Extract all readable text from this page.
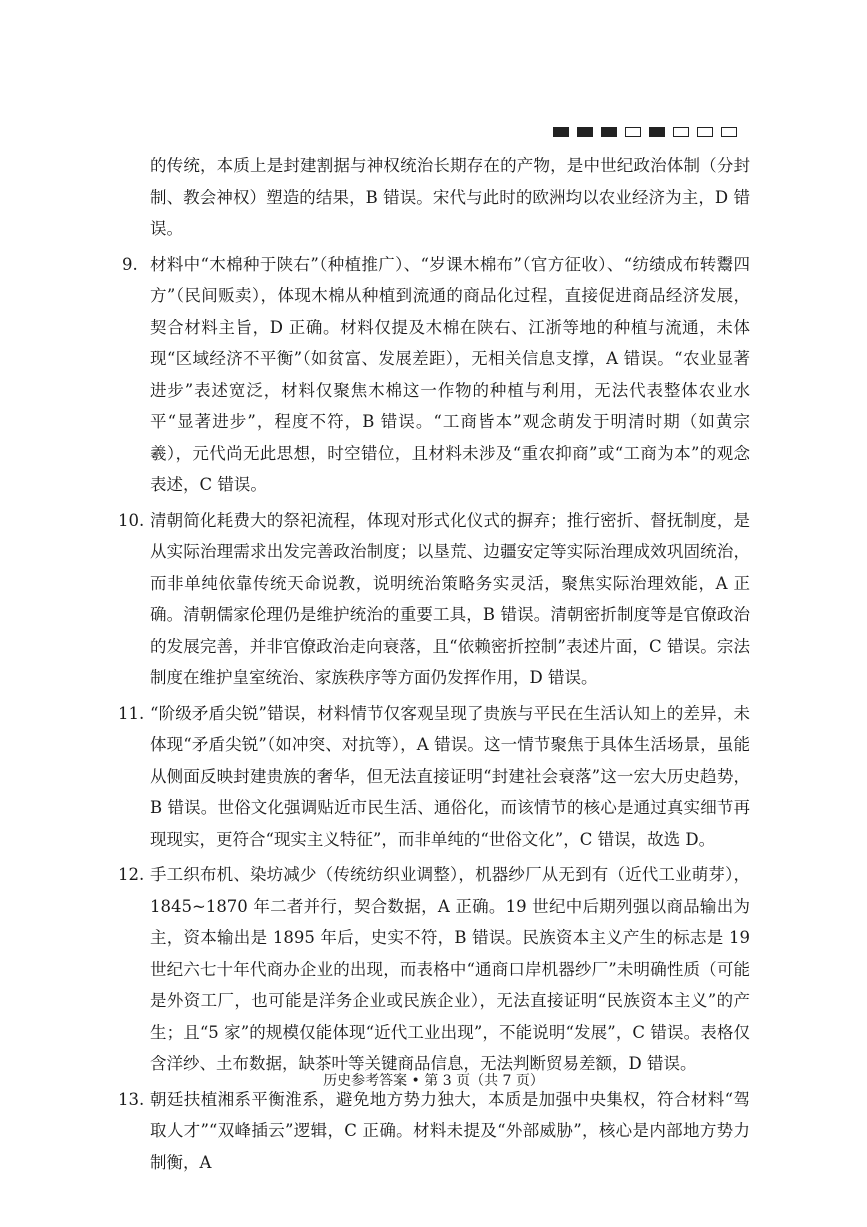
的传统，本质上是封建割据与神权统治长期存在的产物，是中世纪政治体制（分封制、教会神权）塑造的结果，B 错误。宋代与此时的欧洲均以农业经济为主，D 错误。

9. 材料中“木棉种于陕右”（种植推广）、“岁课木棉布”（官方征收）、“纺绩成布转鬻四方”（民间贩卖），体现木棉从种植到流通的商品化过程，直接促进商品经济发展，契合材料主旨，D 正确。材料仅提及木棉在陕右、江浙等地的种植与流通，未体现“区域经济不平衡”（如贫富、发展差距），无相关信息支撑，A 错误。“农业显著进步”表述宽泛，材料仅聚焦木棉这一作物的种植与利用，无法代表整体农业水平“显著进步”，程度不符，B 错误。“工商皆本”观念萌发于明清时期（如黄宗羲），元代尚无此思想，时空错位，且材料未涉及“重农抑商”或“工商为本”的观念表述，C 错误。

10. 清朝简化耗费大的祭祀流程，体现对形式化仪式的摒弃；推行密折、督抚制度，是从实际治理需求出发完善政治制度；以垦荒、边疆安定等实际治理成效巩固统治，而非单纯依靠传统天命说教，说明统治策略务实灵活，聚焦实际治理效能，A 正确。清朝儒家伦理仍是维护统治的重要工具，B 错误。清朝密折制度等是官僚政治的发展完善，并非官僚政治走向衰落，且“依赖密折控制”表述片面，C 错误。宗法制度在维护皇室统治、家族秩序等方面仍发挥作用，D 错误。

11. “阶级矛盾尖锐”错误，材料情节仅客观呈现了贵族与平民在生活认知上的差异，未体现“矛盾尖锐”（如冲突、对抗等），A 错误。这一情节聚焦于具体生活场景，虽能从侧面反映封建贵族的奢华，但无法直接证明“封建社会衰落”这一宏大历史趋势，B 错误。世俗文化强调贴近市民生活、通俗化，而该情节的核心是通过真实细节再现现实，更符合“现实主义特征”，而非单纯的“世俗文化”，C 错误，故选 D。

12. 手工织布机、染坊减少（传统纺织业调整），机器纱厂从无到有（近代工业萌芽），1845~1870 年二者并行，契合数据，A 正确。19 世纪中后期列强以商品输出为主，资本输出是 1895 年后，史实不符，B 错误。民族资本主义产生的标志是 19 世纪六七十年代商办企业的出现，而表格中“通商口岸机器纱厂”未明确性质（可能是外资工厂，也可能是洋务企业或民族企业），无法直接证明“民族资本主义”的产生；且“5 家”的规模仅能体现“近代工业出现”，不能说明“发展”，C 错误。表格仅含洋纱、土布数据，缺茶叶等关键商品信息，无法判断贸易差额，D 错误。

13. 朝廷扶植湘系平衡淮系，避免地方势力独大，本质是加强中央集权，符合材料“驾取人才”“双峰插云”逻辑，C 正确。材料未提及“外部威胁”，核心是内部地方势力制衡，A

历史参考答案 • 第 3 页（共 7 页）
